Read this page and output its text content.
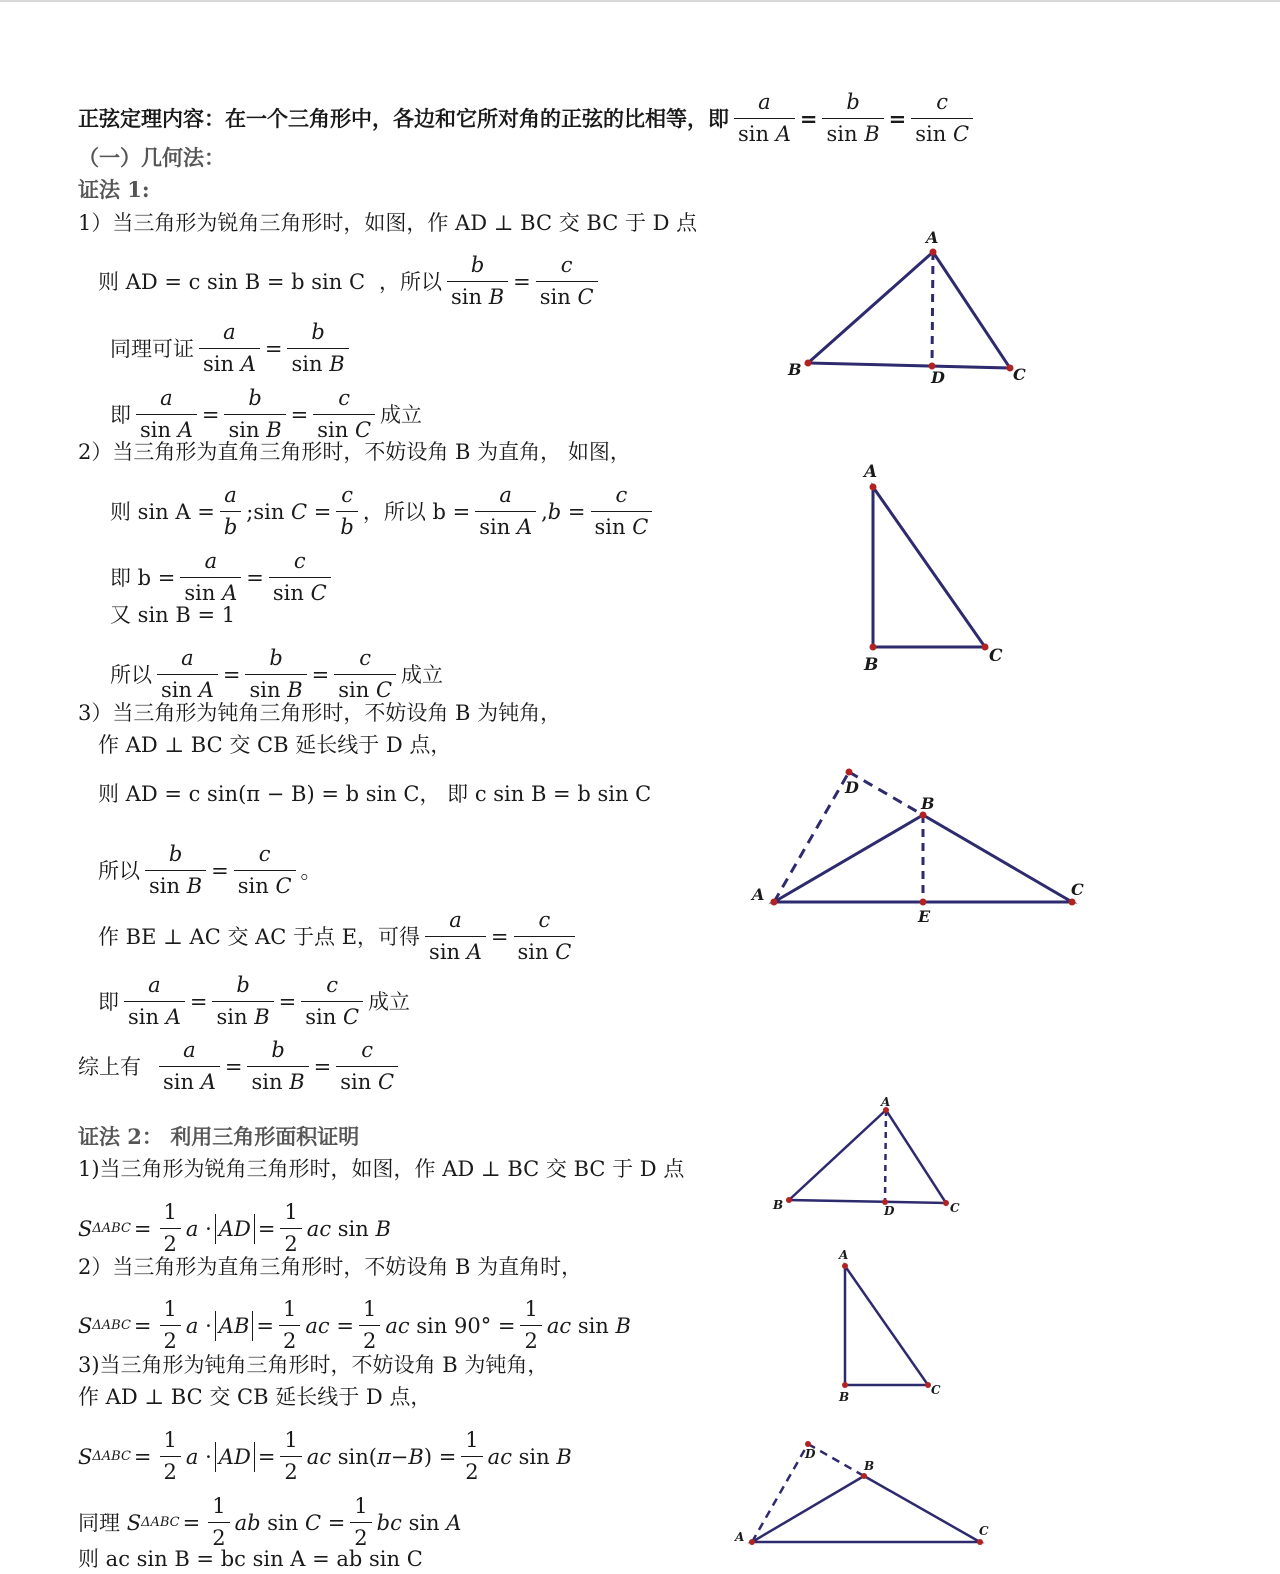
正弦定理内容：在一个三角形中，各边和它所对角的正弦的比相等，即 $\frac{a}{\text{sin A}} = \frac{b}{\text{sin B}} = \frac{c}{\text{sin C}}$
（一）几何法：
证法 1:
1）当三角形为锐角三角形时，如图，作 AD ⊥ BC 交 BC 于 D 点
则 AD = c sin B = b sin C ，所以 $\frac{b}{\text{sin B}} = \frac{c}{\text{sin C}}$
同理可证 $\frac{a}{\text{sin A}} = \frac{b}{\text{sin B}}$
即 $\frac{a}{\text{sin A}} = \frac{b}{\text{sin B}} = \frac{c}{\text{sin C}}$ 成立
2）当三角形为直角三角形时，不妨设角 B 为直角， 如图，
则 $\sin A = \frac{a}{b}$ ;sin $C = \frac{c}{b}$ ，所以 $b = \frac{a}{\text{sin A}}$ , $b = \frac{c}{\text{sin C}}$
即 $b = \frac{a}{\text{sin A}} = \frac{c}{\text{sin C}}$
又 sin B = 1
所以 $\frac{a}{\text{sin A}} = \frac{b}{\text{sin B}} = \frac{c}{\text{sin C}}$ 成立
3）当三角形为钝角三角形时，不妨设角 B 为钝角，
作 AD ⊥ BC 交 CB 延长线于 D 点，
则 AD = c sin(π − B) = b sin C， 即 c sin B = b sin C
所以 $\frac{b}{\text{sin B}} = \frac{c}{\text{sin C}}$ 。
作 BE ⊥ AC 交 AC 于点 E，可得 $\frac{a}{\text{sin A}} = \frac{c}{\text{sin C}}$
即 $\frac{a}{\text{sin A}} = \frac{b}{\text{sin B}} = \frac{c}{\text{sin C}}$ 成立
综上有 $\frac{a}{\text{sin A}} = \frac{b}{\text{sin B}} = \frac{c}{\text{sin C}}$
证法 2： 利用三角形面积证明
1)当三角形为锐角三角形时，如图，作 AD ⊥ BC 交 BC 于 D 点
S $\Delta ABC = \frac{1}{2}$ a · AD = $\frac{1}{2}$ ac sin B
2）当三角形为直角三角形时，不妨设角 B 为直角时，
S $\Delta ABC = \frac{1}{2}$ a · AB = $\frac{1}{2}$ ac = $\frac{1}{2}$ ac $\sin 90^\circ = \frac{1}{2}$ ac sin B
3)当三角形为钝角三角形时，不妨设角 B 为钝角，
作 AD ⊥ BC 交 CB 延长线于 D 点，
S $\Delta ABC = \frac{1}{2}$ a · AD = $\frac{1}{2}$ ac sin( π − B ) = $\frac{1}{2}$ ac sin B
同理
S $\Delta ABC = \frac{1}{2}$ ab $\sin C = \frac{1}{2}$ bc sin A
则 ac sin B = bc sin A = ab sin C
A
B	C
D
A
B	C
A
B
C
D
E
A
B	C
D
A
B	C
A
B
C
D
